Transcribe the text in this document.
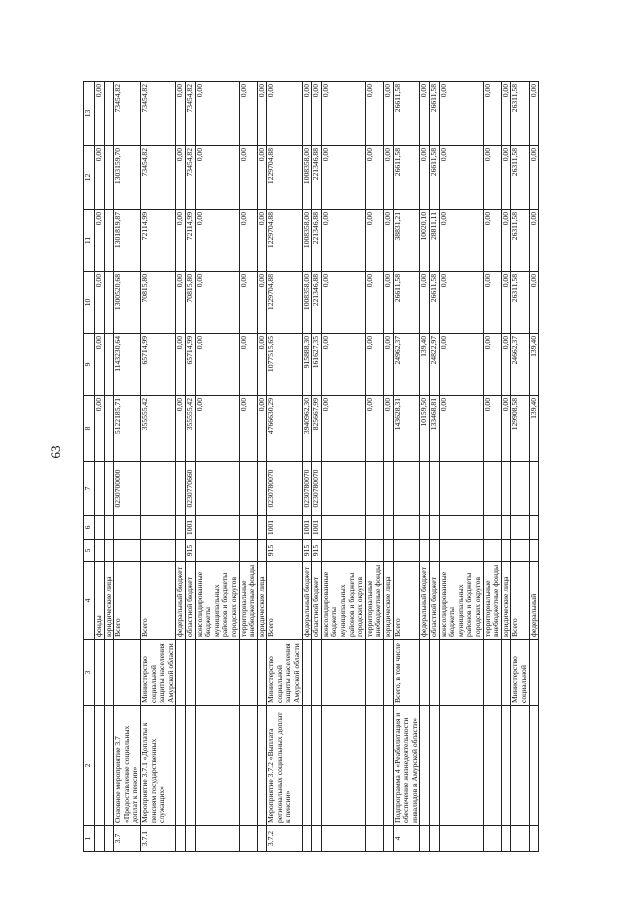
63
1	2	3	4	5	6	7	8	9	10	11	12	13
			фонды				0,00	0,00	0,00	0,00	0,00	0,00
			юридические лица									
3.7	Основное мероприятие 3.7 «Предоставление социальных доплат к пенсии»		Всего			0230700000	5122185,71	1143230,64	1300520,68	1301819,87	1303159,70	73454,82
3.7.1	Мероприятие 3.7.1 «Доплаты к пенсиям государственных служащих»	Министерство социальной защиты населения Амурской области	Всего				355555,42	65714,99	70815,80	72114,99	73454,82	73454,82
			федеральный бюджет				0,00	0,00	0,00	0,00	0,00	0,00
			областной бюджет	915	1001	0230770660	355555,42	65714,99	70815,80	72114,99	73454,82	73454,82
			консолидированные бюджеты муниципальных районов и бюджеты городских округов				0,00	0,00	0,00	0,00	0,00	0,00
			территориальные внебюджетные фонды				0,00	0,00	0,00	0,00	0,00	0,00
			юридические лица				0,00	0,00	0,00	0,00	0,00	0,00
3.7.2	Мероприятие 3.7.2 «Выплата региональных социальных доплат к пенсии»	Министерство социальной защиты населения Амурской области	Всего	915	1001	0230780070	4766630,29	1077515,65	1229704,88	1229704,88	1229704,88	0,00
			федеральный бюджет	915	1001	0230780070	3940962,30	915888,30	1008358,00	1008358,00	1008358,00	0,00
			областной бюджет	915	1001	0230780070	825667,99	161627,35	221346,88	221346,88	221346,88	0,00
			консолидированные бюджеты муниципальных районов и бюджеты городских округов				0,00	0,00	0,00	0,00	0,00	0,00
			территориальные внебюджетные фонды				0,00	0,00	0,00	0,00	0,00	0,00
			юридические лица				0,00	0,00	0,00	0,00	0,00	0,00
4	Подпрограмма 4 «Реабилитация и обеспечение жизнедеятельности инвалидов в Амурской области»	Всего, в том числе	Всего				143628,31	24962,37	26611,58	38831,21	26611,58	26611,58
			федеральный бюджет				10159,50	139,40	0,00	10020,10	0,00	0,00
			областной бюджет				133468,81	24822,97	26611,58	28811,11	26611,58	26611,58
			консолидированные бюджеты муниципальных районов и бюджеты городских округов				0,00	0,00	0,00	0,00	0,00	0,00
			территориальные внебюджетные фонды				0,00	0,00	0,00	0,00	0,00	0,00
			юридические лица				0,00	0,00	0,00	0,00	0,00	0,00
		Министерство социальной	Всего				129908,58	24662,37	26311,58	26311,58	26311,58	26311,58
			федеральный				139,40	139,40	0,00	0,00	0,00	0,00
